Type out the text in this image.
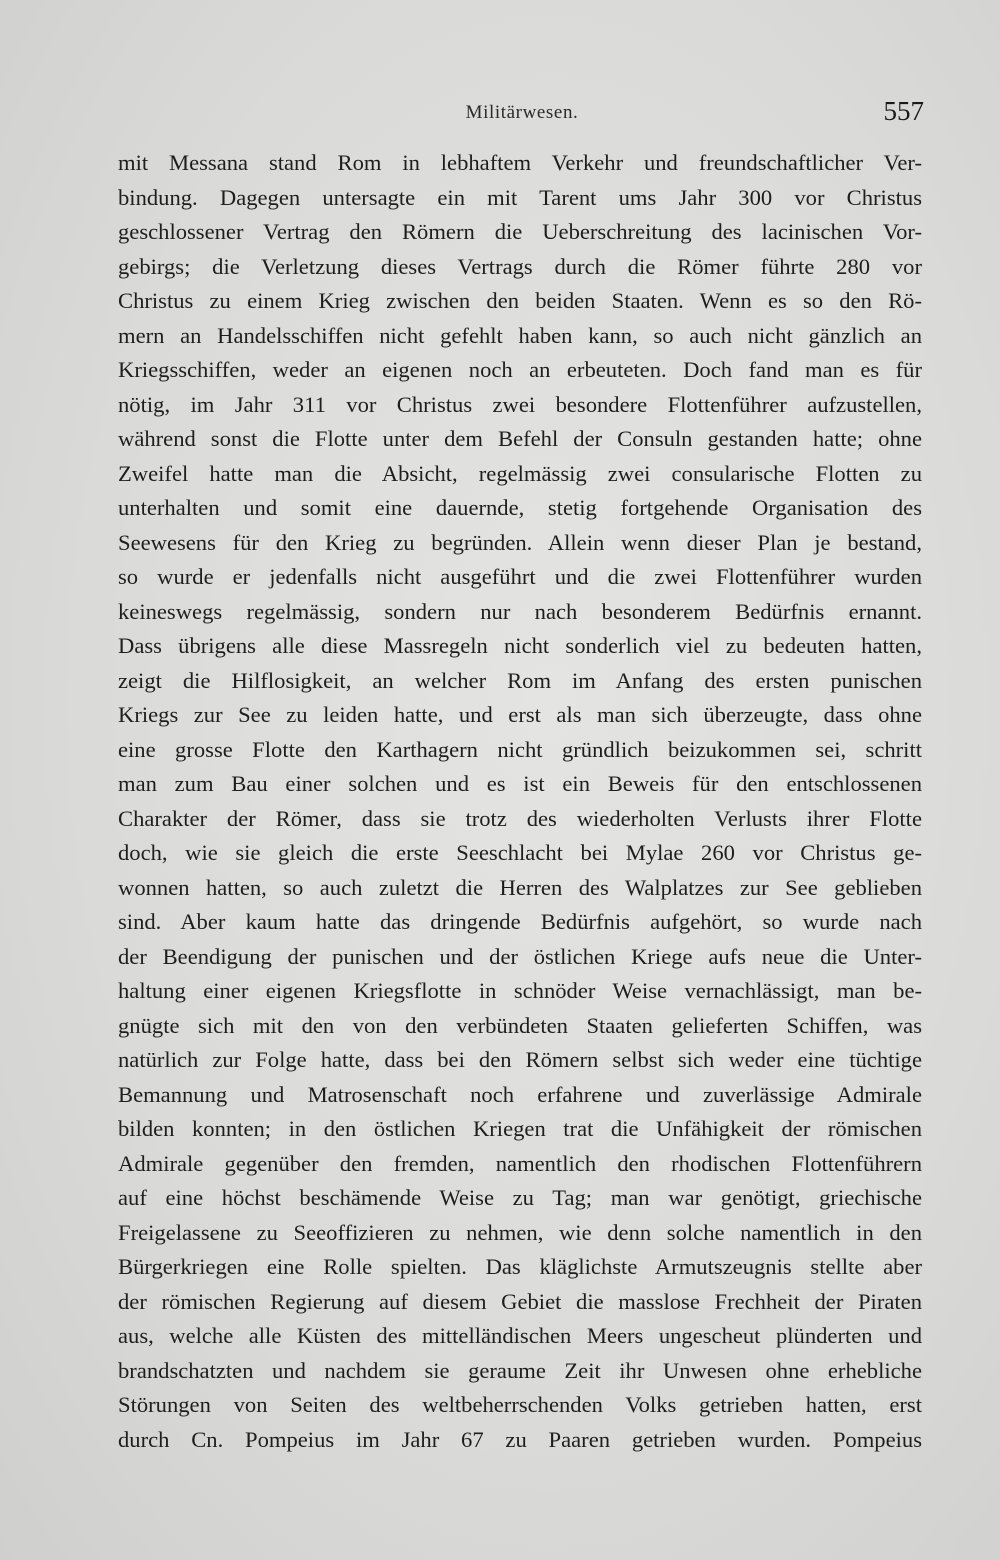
Militärwesen.	557
mit Messana stand Rom in lebhaftem Verkehr und freundschaftlicher Ver-
bindung. Dagegen untersagte ein mit Tarent ums Jahr 300 vor Christus
geschlossener Vertrag den Römern die Ueberschreitung des lacinischen Vor-
gebirgs; die Verletzung dieses Vertrags durch die Römer führte 280 vor
Christus zu einem Krieg zwischen den beiden Staaten. Wenn es so den Rö-
mern an Handelsschiffen nicht gefehlt haben kann, so auch nicht gänzlich an
Kriegsschiffen, weder an eigenen noch an erbeuteten. Doch fand man es für
nötig, im Jahr 311 vor Christus zwei besondere Flottenführer aufzustellen,
während sonst die Flotte unter dem Befehl der Consuln gestanden hatte; ohne
Zweifel hatte man die Absicht, regelmässig zwei consularische Flotten zu
unterhalten und somit eine dauernde, stetig fortgehende Organisation des
Seewesens für den Krieg zu begründen. Allein wenn dieser Plan je bestand,
so wurde er jedenfalls nicht ausgeführt und die zwei Flottenführer wurden
keineswegs regelmässig, sondern nur nach besonderem Bedürfnis ernannt.
Dass übrigens alle diese Massregeln nicht sonderlich viel zu bedeuten hatten,
zeigt die Hilflosigkeit, an welcher Rom im Anfang des ersten punischen
Kriegs zur See zu leiden hatte, und erst als man sich überzeugte, dass ohne
eine grosse Flotte den Karthagern nicht gründlich beizukommen sei, schritt
man zum Bau einer solchen und es ist ein Beweis für den entschlossenen
Charakter der Römer, dass sie trotz des wiederholten Verlusts ihrer Flotte
doch, wie sie gleich die erste Seeschlacht bei Mylae 260 vor Christus ge-
wonnen hatten, so auch zuletzt die Herren des Walplatzes zur See geblieben
sind. Aber kaum hatte das dringende Bedürfnis aufgehört, so wurde nach
der Beendigung der punischen und der östlichen Kriege aufs neue die Unter-
haltung einer eigenen Kriegsflotte in schnöder Weise vernachlässigt, man be-
gnügte sich mit den von den verbündeten Staaten gelieferten Schiffen, was
natürlich zur Folge hatte, dass bei den Römern selbst sich weder eine tüchtige
Bemannung und Matrosenschaft noch erfahrene und zuverlässige Admirale
bilden konnten; in den östlichen Kriegen trat die Unfähigkeit der römischen
Admirale gegenüber den fremden, namentlich den rhodischen Flottenführern
auf eine höchst beschämende Weise zu Tag; man war genötigt, griechische
Freigelassene zu Seeoffizieren zu nehmen, wie denn solche namentlich in den
Bürgerkriegen eine Rolle spielten. Das kläglichste Armutszeugnis stellte aber
der römischen Regierung auf diesem Gebiet die masslose Frechheit der Piraten
aus, welche alle Küsten des mittelländischen Meers ungescheut plünderten und
brandschatzten und nachdem sie geraume Zeit ihr Unwesen ohne erhebliche
Störungen von Seiten des weltbeherrschenden Volks getrieben hatten, erst
durch Cn. Pompeius im Jahr 67 zu Paaren getrieben wurden. Pompeius
